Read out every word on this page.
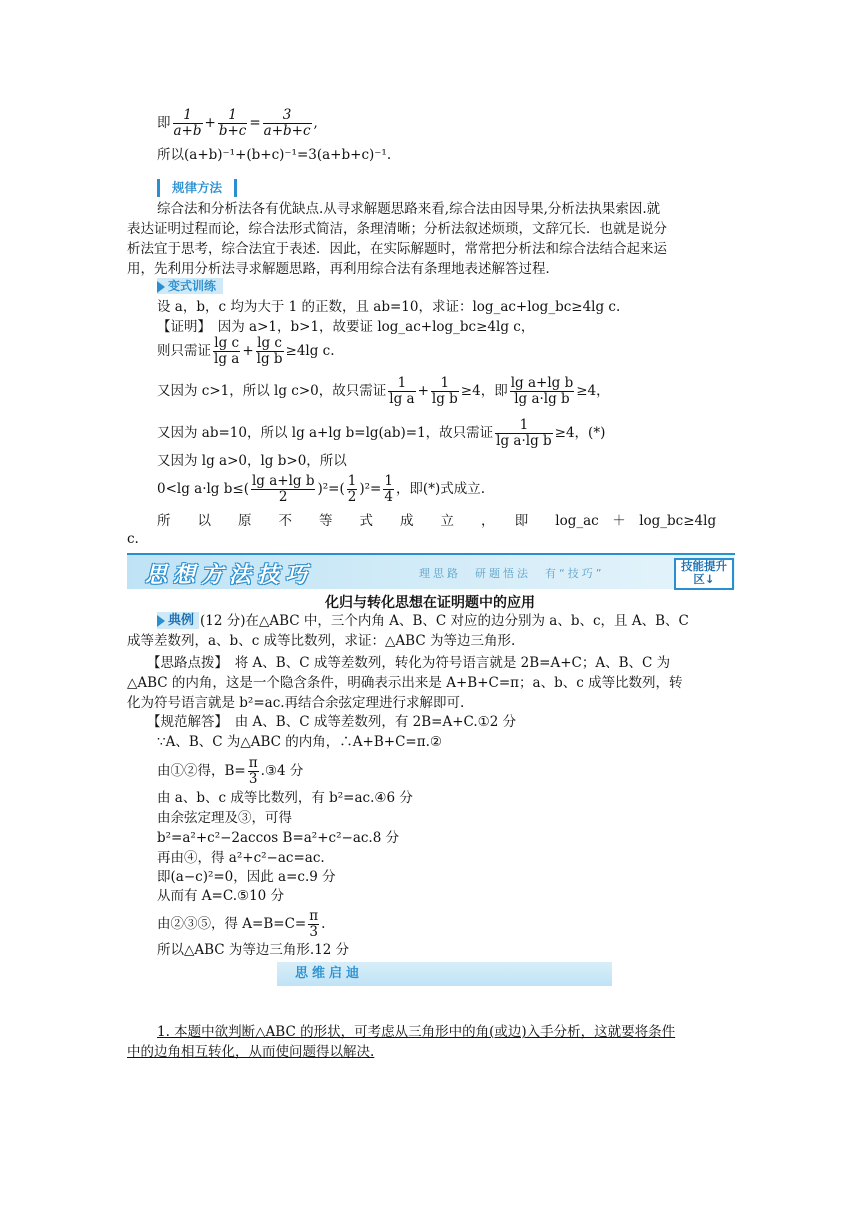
即 $\frac{1}{a+b} + \frac{1}{b+c} = \frac{3}{a+b+c}$ ,
所以(a+b)⁻¹+(b+c)⁻¹=3(a+b+c)⁻¹.
规律方法
综合法和分析法各有优缺点.从寻求解题思路来看,综合法由因导果,分析法执果索因.就
表达证明过程而论，综合法形式简洁，条理清晰；分析法叙述烦琐，文辞冗长．也就是说分
析法宜于思考，综合法宜于表述．因此，在实际解题时，常常把分析法和综合法结合起来运
用，先利用分析法寻求解题思路，再利用综合法有条理地表述解答过程．
变式训练
设 a，b，c 均为大于 1 的正数，且 ab=10，求证：log_ac+log_bc≥4lg c.
【证明】　因为 a>1，b>1，故要证 log_ac+log_bc≥4lg c，
则只需证 $\frac{\text{lg c}}{\text{lg a}} + \frac{\text{lg c}}{\text{lg b}} \ge 4\lg$ c.
又因为 c>1，所以 lg c>0，故只需证 $\frac{1}{\text{lg a}} + \frac{1}{\text{lg b}} \ge 4$，即 $\frac{\text{lg a+lg b}}{\text{lg a·lg b}} \ge 4$，
又因为 ab=10，所以 lg a+lg b=lg(ab)=1，故只需证 $\frac{1}{\text{lg a·lg b}} \ge 4$，(*)
又因为 lg a>0，lg b>0，所以
0<lg a·lg $b\le( \frac{\text{lg a+lg b}}{2} )^2=( \frac{1}{2} )^2= \frac{1}{4}$ ，即(*)式成立.
所　　以　　原　　不　　等　　式　　成　　立　　，　　即　　log_ac　＋　log_bc≥4lg
c.
思想方法技巧	理思路　研题悟法　有“技巧”
技能提升区↓
化归与转化思想在证明题中的应用
典例 (12 分)在△ABC 中，三个内角 A、B、C 对应的边分别为 a、b、c，且 A、B、C
成等差数列，a、b、c 成等比数列，求证：△ABC 为等边三角形.
【思路点拨】　将 A、B、C 成等差数列，转化为符号语言就是 2B=A+C；A、B、C 为
△ABC 的内角，这是一个隐含条件，明确表示出来是 A+B+C=π；a、b、c 成等比数列，转
化为符号语言就是 b²=ac.再结合余弦定理进行求解即可.
【规范解答】　由 A、B、C 成等差数列，有 2B=A+C.①2 分
∵A、B、C 为△ABC 的内角，∴A+B+C=π.②
由①②得，$B= \frac{\pi}{3}$ .③4 分
由 a、b、c 成等比数列，有 b²=ac.④6 分
由余弦定理及③，可得
b²=a²+c²−2accos B=a²+c²−ac.8 分
再由④，得 a²+c²−ac=ac.
即(a−c)²=0，因此 a=c.9 分
从而有 A=C.⑤10 分
由②③⑤，得 $A=B=C= \frac{\pi}{3}$ .
所以△ABC 为等边三角形.12 分
思维启迪
1. 本题中欲判断△ABC 的形状，可考虑从三角形中的角(或边)入手分析，这就要将条件
中的边角相互转化，从而使问题得以解决.
